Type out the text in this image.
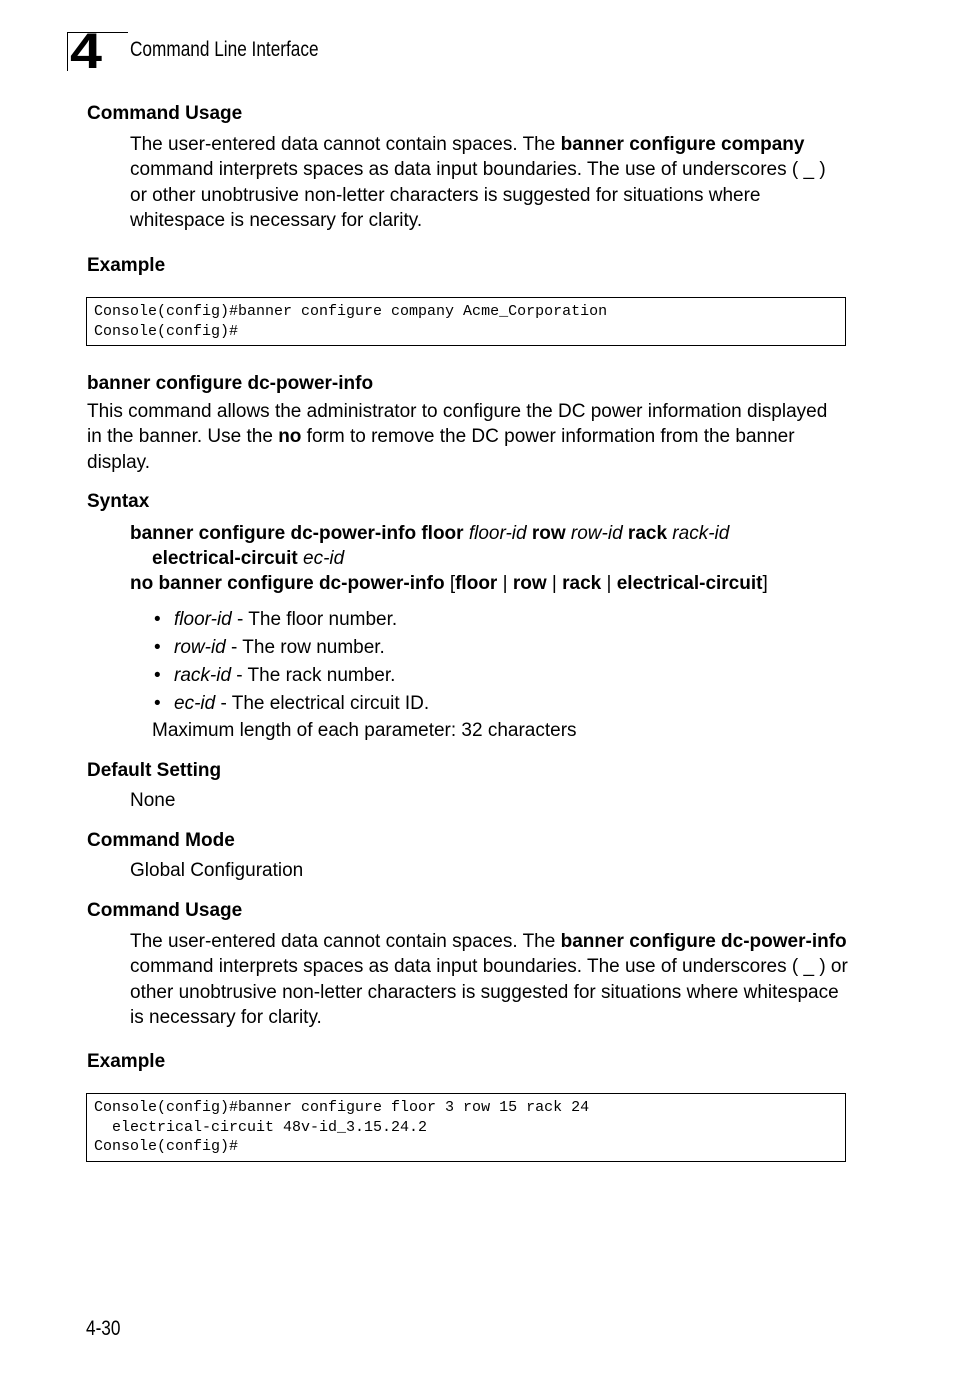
4 Command Line Interface
Command Usage
The user-entered data cannot contain spaces. The banner configure company command interprets spaces as data input boundaries. The use of underscores ( _ ) or other unobtrusive non-letter characters is suggested for situations where whitespace is necessary for clarity.
Example
Console(config)#banner configure company Acme_Corporation
Console(config)#
banner configure dc-power-info
This command allows the administrator to configure the DC power information displayed in the banner. Use the no form to remove the DC power information from the banner display.
Syntax
banner configure dc-power-info floor floor-id row row-id rack rack-id
electrical-circuit ec-id
no banner configure dc-power-info [floor | row | rack | electrical-circuit]
• floor-id - The floor number.
• row-id - The row number.
• rack-id - The rack number.
• ec-id - The electrical circuit ID.
Maximum length of each parameter: 32 characters
Default Setting
None
Command Mode
Global Configuration
Command Usage
The user-entered data cannot contain spaces. The banner configure dc-power-info command interprets spaces as data input boundaries. The use of underscores ( _ ) or other unobtrusive non-letter characters is suggested for situations where whitespace is necessary for clarity.
Example
Console(config)#banner configure floor 3 row 15 rack 24
electrical-circuit 48v-id_3.15.24.2
Console(config)#
4-30
